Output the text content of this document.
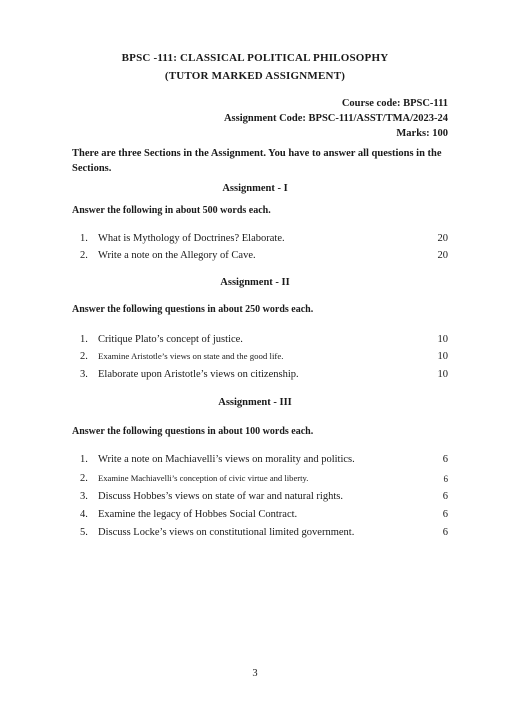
BPSC -111: CLASSICAL POLITICAL PHILOSOPHY
(TUTOR MARKED ASSIGNMENT)
Course code: BPSC-111
Assignment Code: BPSC-111/ASST/TMA/2023-24
Marks: 100
There are three Sections in the Assignment. You have to answer all questions in the Sections.
Assignment - I
Answer the following in about 500 words each.
1. What is Mythology of Doctrines? Elaborate.	20
2. Write a note on the Allegory of Cave.	20
Assignment - II
Answer the following questions in about 250 words each.
1. Critique Plato’s concept of justice.	10
2. Examine Aristotle’s views on state and the good life.	10
3. Elaborate upon Aristotle’s views on citizenship.	10
Assignment - III
Answer the following questions in about 100 words each.
1. Write a note on Machiavelli’s views on morality and politics.	6
2. Examine Machiavelli’s conception of civic virtue and liberty.	6
3. Discuss Hobbes’s views on state of war and natural rights.	6
4. Examine the legacy of Hobbes Social Contract.	6
5. Discuss Locke’s views on constitutional limited government.	6
3
